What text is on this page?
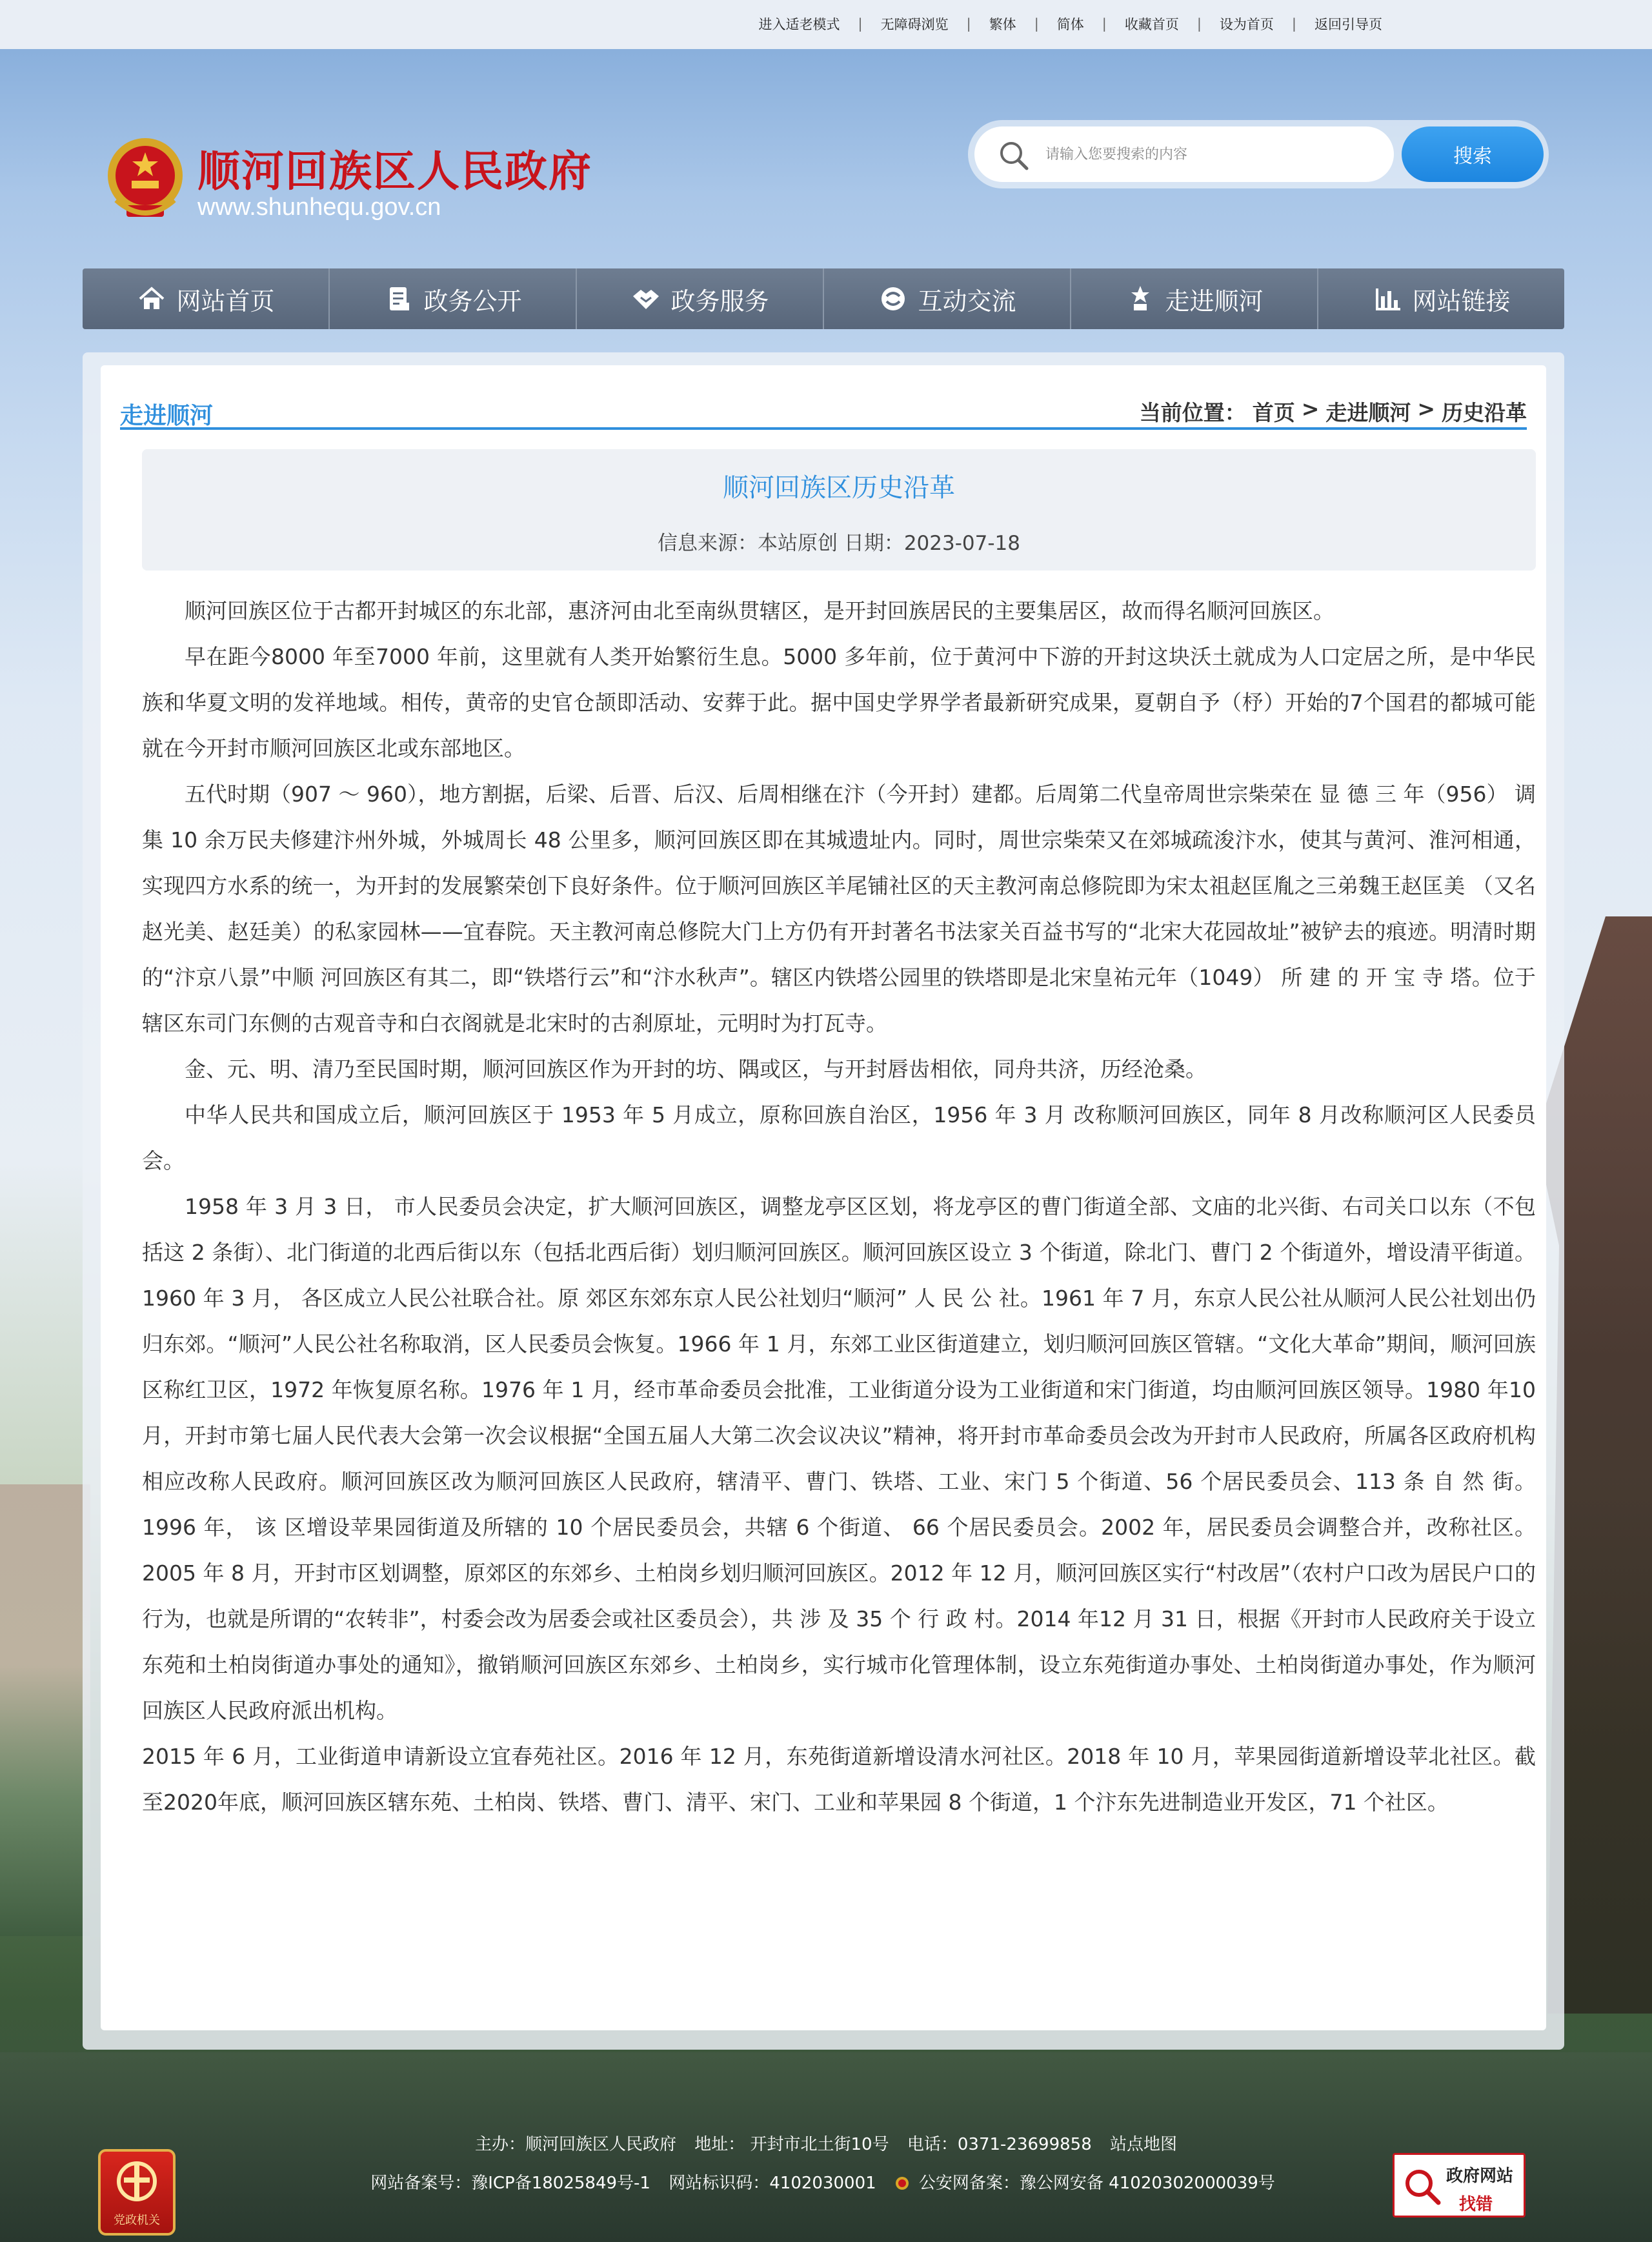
进入适老模式	|	无障碍浏览	|	繁体	|	简体	|	收藏首页	|	设为首页	|	返回引导页
顺河回族区人民政府
www.shunhequ.gov.cn
请输入您要搜索的内容
搜索
网站首页	政务公开	政务服务	互动交流	走进顺河	网站链接
走进顺河	当前位置： 首页 > 走进顺河 > 历史沿革
顺河回族区历史沿革
信息来源：本站原创 日期：2023-07-18

顺河回族区位于古都开封城区的东北部，惠济河由北至南纵贯辖区，是开封回族居民的主要集居区，故而得名顺河回族区。

早在距今8000 年至7000 年前，这里就有人类开始繁衍生息。5000 多年前，位于黄河中下游的开封这块沃土就成为人口定居之所，是中华民族和华夏文明的发祥地域。相传，黄帝的史官仓颉即活动、安葬于此。据中国史学界学者最新研究成果，夏朝自予（杼）开始的7个国君的都城可能就在今开封市顺河回族区北或东部地区。

五代时期（907 ～ 960），地方割据，后梁、后晋、后汉、后周相继在汴（今开封）建都。后周第二代皇帝周世宗柴荣在 显 德 三 年（956） 调集 10 余万民夫修建汴州外城，外城周长 48 公里多，顺河回族区即在其城遗址内。同时，周世宗柴荣又在郊城疏浚汴水，使其与黄河、淮河相通，实现四方水系的统一，为开封的发展繁荣创下良好条件。位于顺河回族区羊尾铺社区的天主教河南总修院即为宋太祖赵匡胤之三弟魏王赵匡美 （又名赵光美、赵廷美）的私家园林——宜春院。天主教河南总修院大门上方仍有开封著名书法家关百益书写的“北宋大花园故址”被铲去的痕迹。明清时期的“汴京八景”中顺 河回族区有其二，即“铁塔行云”和“汴水秋声”。辖区内铁塔公园里的铁塔即是北宋皇祐元年（1049） 所 建 的 开 宝 寺 塔。位于辖区东司门东侧的古观音寺和白衣阁就是北宋时的古刹原址，元明时为打瓦寺。

金、元、明、清乃至民国时期，顺河回族区作为开封的坊、隅或区，与开封唇齿相依，同舟共济，历经沧桑。

中华人民共和国成立后，顺河回族区于 1953 年 5 月成立，原称回族自治区，1956 年 3 月 改称顺河回族区，同年 8 月改称顺河区人民委员会。

1958 年 3 月 3 日， 市人民委员会决定，扩大顺河回族区，调整龙亭区区划，将龙亭区的曹门街道全部、文庙的北兴街、右司关口以东（不包括这 2 条街）、北门街道的北西后街以东（包括北西后街）划归顺河回族区。顺河回族区设立 3 个街道，除北门、曹门 2 个街道外，增设清平街道。1960 年 3 月， 各区成立人民公社联合社。原 郊区东郊东京人民公社划归“顺河” 人 民 公 社。1961 年 7 月，东京人民公社从顺河人民公社划出仍归东郊。“顺河”人民公社名称取消，区人民委员会恢复。1966 年 1 月，东郊工业区街道建立，划归顺河回族区管辖。“文化大革命”期间，顺河回族区称红卫区，1972 年恢复原名称。1976 年 1 月，经市革命委员会批准，工业街道分设为工业街道和宋门街道，均由顺河回族区领导。1980 年10 月，开封市第七届人民代表大会第一次会议根据“全国五届人大第二次会议决议”精神，将开封市革命委员会改为开封市人民政府，所属各区政府机构相应改称人民政府。顺河回族区改为顺河回族区人民政府，辖清平、曹门、铁塔、工业、宋门 5 个街道、56 个居民委员会、113 条 自 然 街。1996 年， 该 区增设苹果园街道及所辖的 10 个居民委员会，共辖 6 个街道、 66 个居民委员会。2002 年，居民委员会调整合并，改称社区。2005 年 8 月，开封市区划调整，原郊区的东郊乡、土柏岗乡划归顺河回族区。2012 年 12 月，顺河回族区实行“村改居”（农村户口改为居民户口的行为，也就是所谓的“农转非”，村委会改为居委会或社区委员会），共 涉 及 35 个 行 政 村。2014 年12 月 31 日，根据《开封市人民政府关于设立东苑和土柏岗街道办事处的通知》，撤销顺河回族区东郊乡、土柏岗乡，实行城市化管理体制，设立东苑街道办事处、土柏岗街道办事处，作为顺河回族区人民政府派出机构。

2015 年 6 月，工业街道申请新设立宜春苑社区。2016 年 12 月，东苑街道新增设清水河社区。2018 年 10 月，苹果园街道新增设苹北社区。截至2020年底，顺河回族区辖东苑、土柏岗、铁塔、曹门、清平、宋门、工业和苹果园 8 个街道，1 个汴东先进制造业开发区，71 个社区。

党政机关
主办：顺河回族区人民政府 地址： 开封市北土街10号 电话：0371-23699858 站点地图
网站备案号：豫ICP备18025849号-1 网站标识码：4102030001	公安网备案：豫公网安备 41020302000039号	政府网站
找错
